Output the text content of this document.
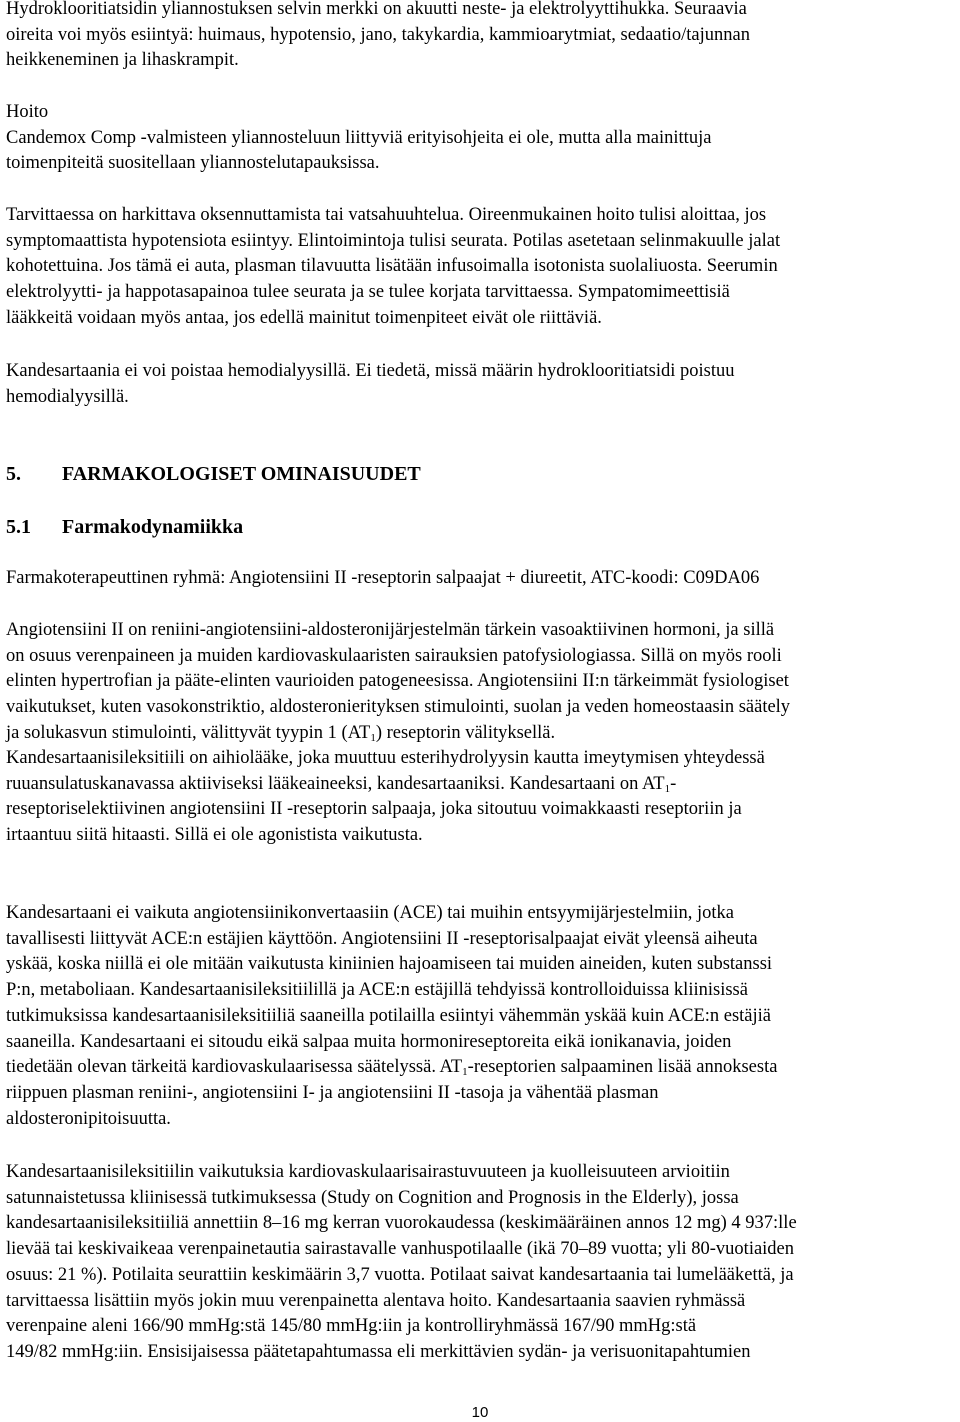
Hydroklooritiatsidin yliannostuksen selvin merkki on akuutti neste- ja elektrolyyttihukka. Seuraavia
oireita voi myös esiintyä: huimaus, hypotensio, jano, takykardia, kammioarytmiat, sedaatio/tajunnan
heikkeneminen ja lihaskrampit.

Hoito
Candemox Comp -valmisteen yliannosteluun liittyviä erityisohjeita ei ole, mutta alla mainittuja
toimenpiteitä suositellaan yliannostelutapauksissa.

Tarvittaessa on harkittava oksennuttamista tai vatsahuuhtelua. Oireenmukainen hoito tulisi aloittaa, jos
symptomaattista hypotensiota esiintyy. Elintoimintoja tulisi seurata. Potilas asetetaan selinmakuulle jalat
kohotettuina. Jos tämä ei auta, plasman tilavuutta lisätään infusoimalla isotonista suolaliuosta. Seerumin
elektrolyytti- ja happotasapainoa tulee seurata ja se tulee korjata tarvittaessa. Sympatomimeettisiä
lääkkeitä voidaan myös antaa, jos edellä mainitut toimenpiteet eivät ole riittäviä.

Kandesartaania ei voi poistaa hemodialyysillä. Ei tiedetä, missä määrin hydroklooritiatsidi poistuu
hemodialyysillä.

5. FARMAKOLOGISET OMINAISUUDET
5.1 Farmakodynamiikka

Farmakoterapeuttinen ryhmä: Angiotensiini II -reseptorin salpaajat + diureetit, ATC-koodi: C09DA06

Angiotensiini II on reniini-angiotensiini-aldosteronijärjestelmän tärkein vasoaktiivinen hormoni, ja sillä
on osuus verenpaineen ja muiden kardiovaskulaaristen sairauksien patofysiologiassa. Sillä on myös rooli
elinten hypertrofian ja pääte-elinten vaurioiden patogeneesissa. Angiotensiini II:n tärkeimmät fysiologiset
vaikutukset, kuten vasokonstriktio, aldosteronierityksen stimulointi, suolan ja veden homeostaasin säätely
ja solukasvun stimulointi, välittyvät tyypin 1 $(AT_1)$ reseptorin välityksellä.

Kandesartaanisileksitiili on aihiolääke, joka muuttuu esterihydrolyysin kautta imeytymisen yhteydessä
ruuansulatuskanavassa aktiiviseksi lääkeaineeksi, kandesartaaniksi. Kandesartaani on $AT_1-$
reseptoriselektiivinen angiotensiini II -reseptorin salpaaja, joka sitoutuu voimakkaasti reseptoriin ja
irtaantuu siitä hitaasti. Sillä ei ole agonistista vaikutusta.

Kandesartaani ei vaikuta angiotensiinikonvertaasiin (ACE) tai muihin entsyymijärjestelmiin, jotka
tavallisesti liittyvät ACE:n estäjien käyttöön. Angiotensiini II -reseptorisalpaajat eivät yleensä aiheuta
yskää, koska niillä ei ole mitään vaikutusta kiniinien hajoamiseen tai muiden aineiden, kuten substanssi
P:n, metaboliaan. Kandesartaanisileksitiilillä ja ACE:n estäjillä tehdyissä kontrolloiduissa kliinisissä
tutkimuksissa kandesartaanisileksitiiliä saaneilla potilailla esiintyi vähemmän yskää kuin ACE:n estäjiä
saaneilla. Kandesartaani ei sitoudu eikä salpaa muita hormonireseptoreita eikä ionikanavia, joiden
tiedetään olevan tärkeitä kardiovaskulaarisessa säätelyssä. $AT_1$-reseptorien salpaaminen lisää annoksesta
riippuen plasman reniini-, angiotensiini I- ja angiotensiini II -tasoja ja vähentää plasman
aldosteronipitoisuutta.

Kandesartaanisileksitiilin vaikutuksia kardiovaskulaarisairastuvuuteen ja kuolleisuuteen arvioitiin
satunnaistetussa kliinisessä tutkimuksessa (Study on Cognition and Prognosis in the Elderly), jossa
kandesartaanisileksitiiliä annettiin 8–16 mg kerran vuorokaudessa (keskimääräinen annos 12 mg) 4 937:lle
lievää tai keskivaikeaa verenpainetautia sairastavalle vanhuspotilaalle (ikä 70–89 vuotta; yli 80-vuotiaiden
osuus: 21 %). Potilaita seurattiin keskimäärin 3,7 vuotta. Potilaat saivat kandesartaania tai lumelääkettä, ja
tarvittaessa lisättiin myös jokin muu verenpainetta alentava hoito. Kandesartaania saavien ryhmässä
verenpaine aleni 166/90 mmHg:stä 145/80 mmHg:iin ja kontrolliryhmässä 167/90 mmHg:stä
149/82 mmHg:iin. Ensisijaisessa päätetapahtumassa eli merkittävien sydän- ja verisuonitapahtumien

10
